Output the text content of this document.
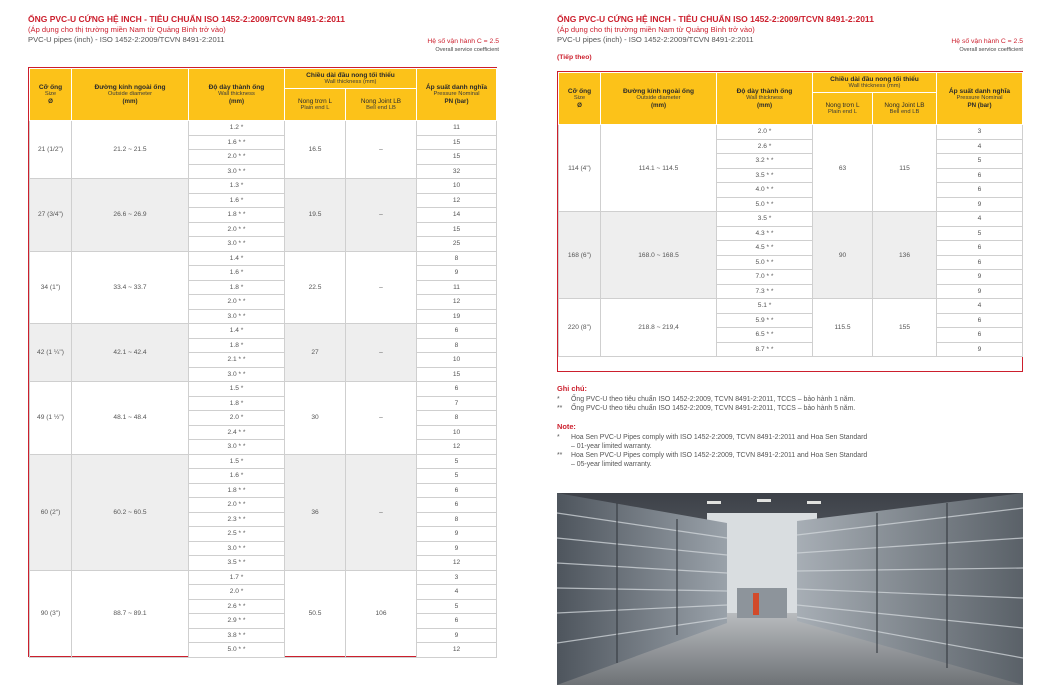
ỐNG PVC-U CỨNG HỆ INCH - TIÊU CHUẨN ISO 1452-2:2009/TCVN 8491-2:2011
(Áp dụng cho thị trường miền Nam từ Quảng Bình trở vào)
PVC-U pipes (inch) - ISO 1452-2:2009/TCVN 8491-2:2011	Hệ số vận hành C = 2.5
Overall service coefficient
Cỡ ống
Size
Ø	Đường kính ngoài ống
Outside diameter
(mm)	Độ dày thành ống
Wall thickness
(mm)	Chiều dài đầu nong tối thiểu
Wall thickness (mm)		Áp suất danh nghĩa
Pressure Nominal
PN (bar)

			Nong trơn L
Plain end L	Nong Joint LB
Bell end LB	

21 (1/2")	21.2 ~ 21.5	1.2 *	16.5	–	11
		1.6 * *			15
		2.0 * *			15
		3.0 * *			32
27 (3/4")	26.6 ~ 26.9	1.3 *	19.5	–	10
		1.6 *			12
		1.8 * *			14
		2.0 * *			15
		3.0 * *			25
34 (1")	33.4 ~ 33.7	1.4 *	22.5	–	8
		1.6 *			9
		1.8 *			11
		2.0 * *			12
		3.0 * *			19
42 (1 ¼")	42.1 ~ 42.4	1.4 *	27	–	6
		1.8 *			8
		2.1 * *			10
		3.0 * *			15
49 (1 ½")	48.1 ~ 48.4	1.5 *	30	–	6
		1.8 *			7
		2.0 *			8
		2.4 * *			10
		3.0 * *			12
60 (2")	60.2 ~ 60.5	1.5 *	36	–	5
		1.6 *			5
		1.8 * *			6
		2.0 * *			6
		2.3 * *			8
		2.5 * *			9
		3.0 * *			9
		3.5 * *			12
90 (3")	88.7 ~ 89.1	1.7 *	50.5	106	3
		2.0 *			4
		2.6 * *			5
		2.9 * *			6
		3.8 * *			9
		5.0 * *			12
ỐNG PVC-U CỨNG HỆ INCH - TIÊU CHUẨN ISO 1452-2:2009/TCVN 8491-2:2011
(Áp dụng cho thị trường miền Nam từ Quảng Bình trở vào)
PVC-U pipes (inch) - ISO 1452-2:2009/TCVN 8491-2:2011	Hệ số vận hành C = 2.5
Overall service coefficient
(Tiếp theo)
Cỡ ống
Size
Ø	Đường kính ngoài ống
Outside diameter
(mm)	Độ dày thành ống
Wall thickness
(mm)	Chiều dài đầu nong tối thiểu
Wall thickness (mm)		Áp suất danh nghĩa
Pressure Nominal
PN (bar)

			Nong trơn L
Plain end L	Nong Joint LB
Bell end LB	

114 (4")	114.1 ~ 114.5	2.0 *	63	115	3
		2.6 *			4
		3.2 * *			5
		3.5 * *			6
		4.0 * *			6
		5.0 * *			9
168 (6")	168.0 ~ 168.5	3.5 *	90	136	4
		4.3 * *			5
		4.5 * *			6
		5.0 * *			6
		7.0 * *			9
		7.3 * *			9
220 (8")	218.8 ~ 219,4	5.1 *	115.5	155	4
		5.9 * *			6
		6.5 * *			6
		8.7 * *			9
Ghi chú:
*	Ống PVC-U theo tiêu chuẩn ISO 1452-2:2009, TCVN 8491-2:2011, TCCS – bảo hành 1 năm.
**	Ống PVC-U theo tiêu chuẩn ISO 1452-2:2009, TCVN 8491-2:2011, TCCS – bảo hành 5 năm.
Note:
*	Hoa Sen PVC-U Pipes comply with ISO 1452-2:2009, TCVN 8491-2:2011 and Hoa Sen Standard
– 01-year limited warranty.
**	Hoa Sen PVC-U Pipes comply with ISO 1452-2:2009, TCVN 8491-2:2011 and Hoa Sen Standard
– 05-year limited warranty.
